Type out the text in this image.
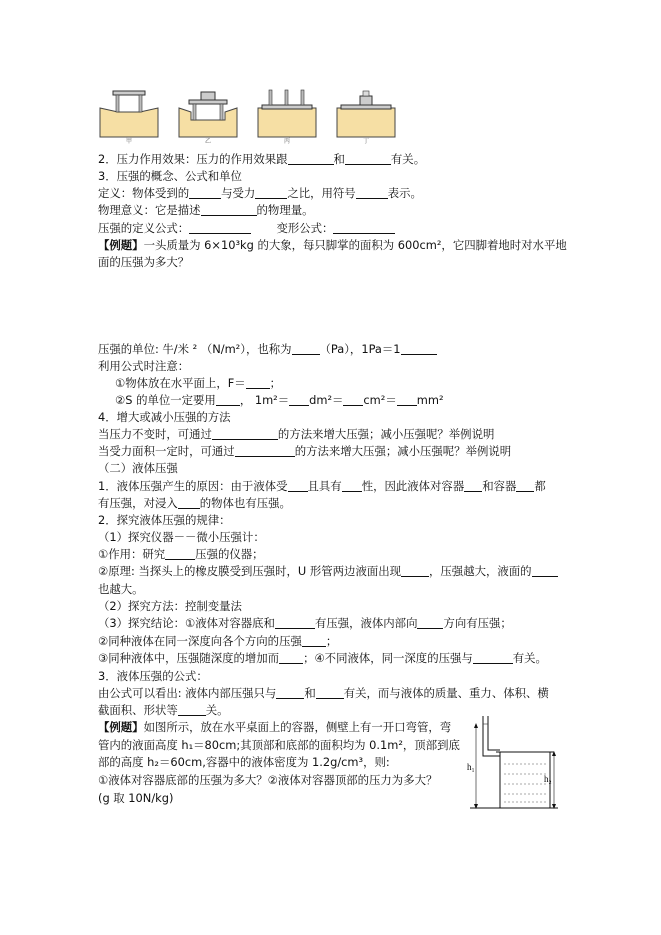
甲	乙	丙	丁
2．压力作用效果：压力的作用效果跟	和	有关。
3．压强的概念、公式和单位
定义：物体受到的	与受力	之比，用符号	表示。
物理意义：它是描述	的物理量。
压强的定义公式：	变形公式：
【例题】一头质量为 6×10³kg 的大象，每只脚掌的面积为 600cm²，它四脚着地时对水平地
面的压强为多大？
压强的单位: 牛/米 ² （N/m²），也称为 （Pa），1Pa＝1
利用公式时注意：
①物体放在水平面上，F＝ ；
②S 的单位一定要用 ， 1m²＝ dm²＝ cm²＝ mm²
4．增大或减小压强的方法
当压力不变时，可通过	的方法来增大压强；减小压强呢？举例说明
当受力面积一定时，可通过	的方法来增大压强；减小压强呢？举例说明
（二）液体压强
1．液体压强产生的原因：由于液体受 且具有 性，因此液体对容器 和容器 都
有压强，对浸入 的物体也有压强。
2．探究液体压强的规律：
（1）探究仪器－－微小压强计：
①作用：研究	压强的仪器；
②原理: 当探头上的橡皮膜受到压强时，U 形管两边液面出现 ，压强越大，液面的
也越大。
（2）探究方法：控制变量法
（3）探究结论：①液体对容器底和	有压强，液体内部向 方向有压强；
②同种液体在同一深度向各个方向的压强 ；
③同种液体中，压强随深度的增加而 ；④不同液体，同一深度的压强与	有关。
3．液体压强的公式：
由公式可以看出: 液体内部压强只与 和 有关，而与液体的质量、重力、体积、横
截面积、形状等 关。
【例题】如图所示，放在水平桌面上的容器，侧壁上有一开口弯管，弯
管内的液面高度 h₁＝80cm;其顶部和底部的面积均为 0.1m²，顶部到底
部的高度 h₂＝60cm,容器中的液体密度为 1.2g/cm³，则:
①液体对容器底部的压强为多大？②液体对容器顶部的压力为多大？
(g 取 10N/kg)
h₁
h₂
